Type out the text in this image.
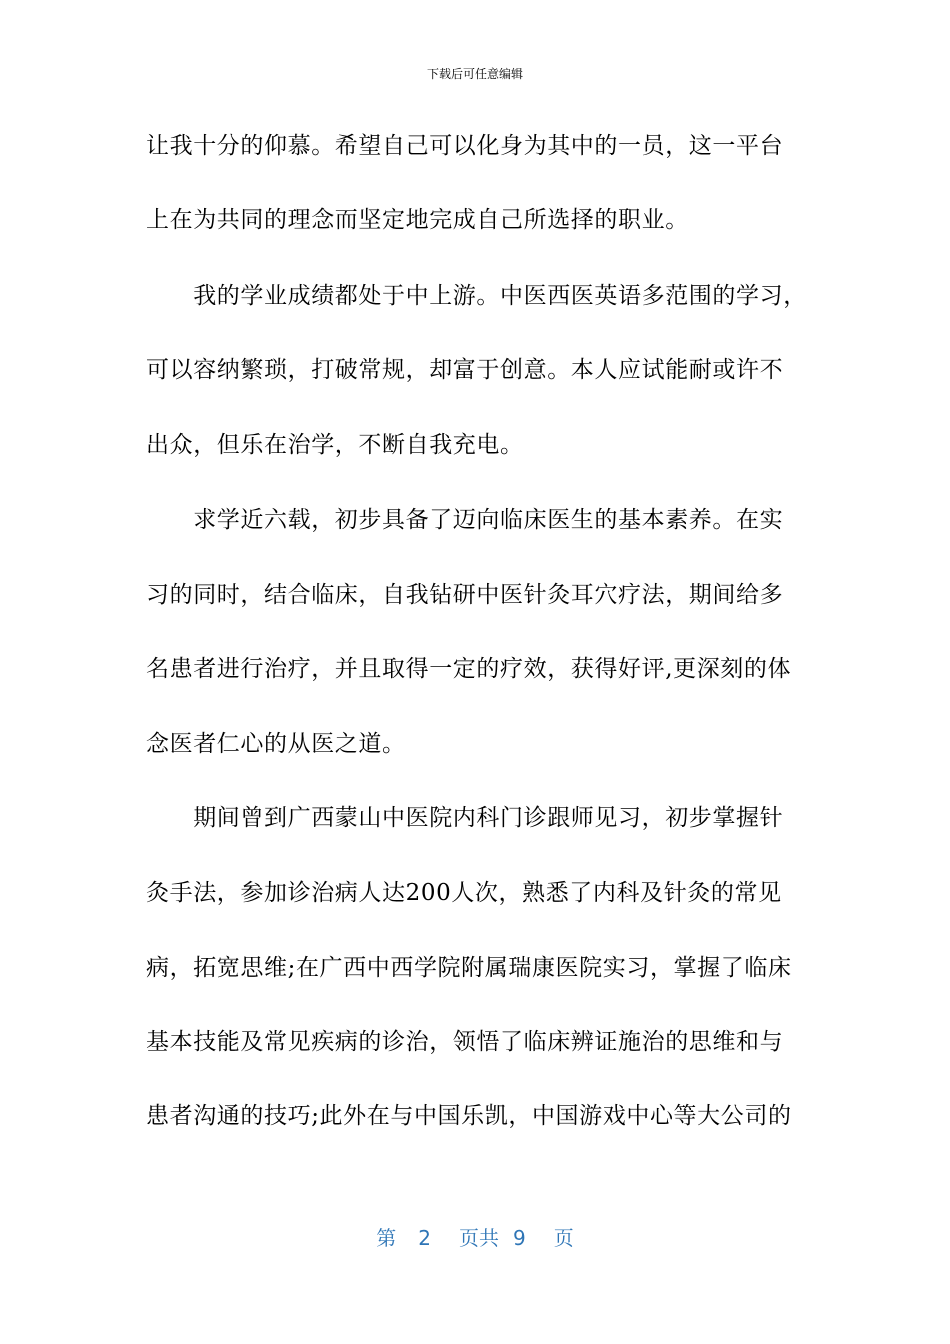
下载后可任意编辑
让我十分的仰慕。希望自己可以化身为其中的一员，这一平台
上在为共同的理念而坚定地完成自己所选择的职业。
　　我的学业成绩都处于中上游。中医西医英语多范围的学习，
可以容纳繁琐，打破常规，却富于创意。本人应试能耐或许不
出众，但乐在治学，不断自我充电。
　　求学近六载，初步具备了迈向临床医生的基本素养。在实
习的同时，结合临床，自我钻研中医针灸耳穴疗法，期间给多
名患者进行治疗，并且取得一定的疗效，获得好评,更深刻的体
念医者仁心的从医之道。
　　期间曾到广西蒙山中医院内科门诊跟师见习，初步掌握针
灸手法，参加诊治病人达200人次，熟悉了内科及针灸的常见
病，拓宽思维;在广西中西学院附属瑞康医院实习，掌握了临床
基本技能及常见疾病的诊治，领悟了临床辨证施治的思维和与
患者沟通的技巧;此外在与中国乐凯，中国游戏中心等大公司的
第 2 页共 9 页
